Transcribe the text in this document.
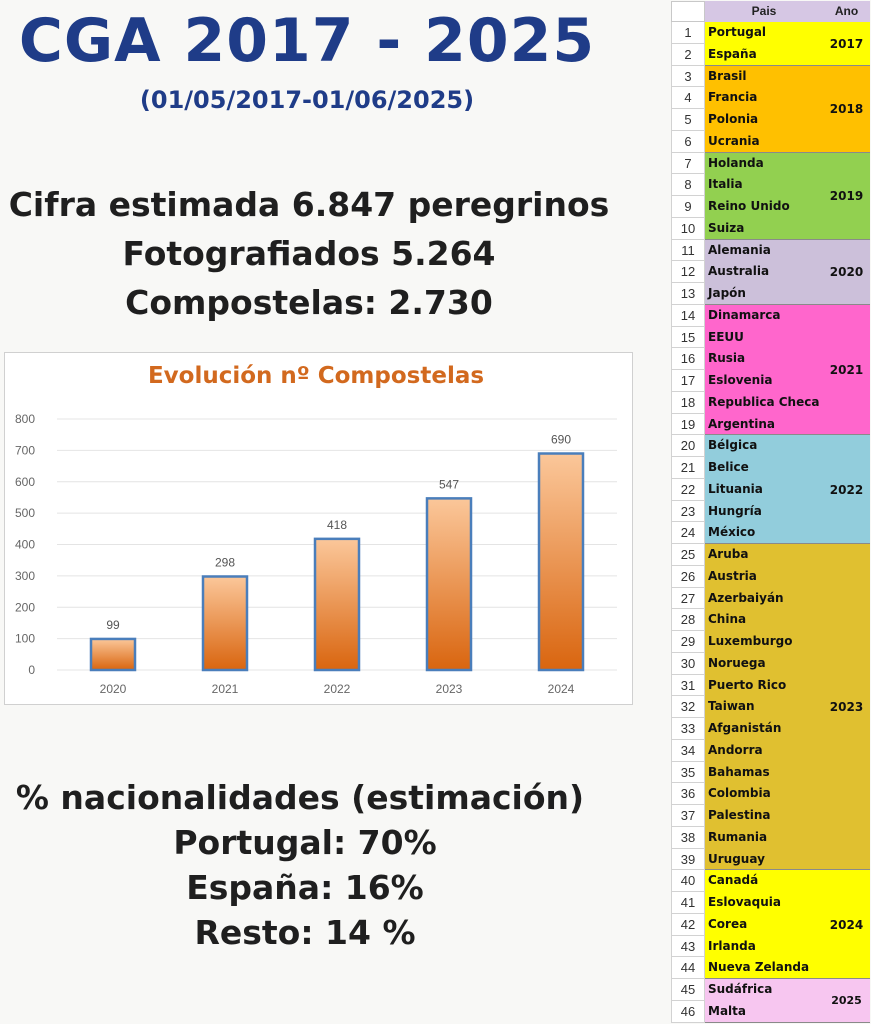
CGA 2017 - 2025
(01/05/2017-01/06/2025)
Cifra estimada 6.847 peregrinos
Fotografiados 5.264
Compostelas: 2.730
Evolución nº Compostelas
0
100
200
300
400
500
600
700
800
99
2020
298
2021
418
2022
547
2023
690
2024
% nacionalidades (estimación)
Portugal: 70%
España: 16%
Resto: 14 %
Pais	Ano
1	Portugal
2	España
2017
3	Brasil
4	Francia
5	Polonia
6	Ucrania
2018
7	Holanda
8	Italia
9	Reino Unido
10	Suiza
2019
11	Alemania
12	Australia
13	Japón
2020
14	Dinamarca
15	EEUU
16	Rusia
17	Eslovenia
18	Republica Checa
19	Argentina
2021
20	Bélgica
21	Belice
22	Lituania
23	Hungría
24	México
2022
25	Aruba
26	Austria
27	Azerbaiyán
28	China
29	Luxemburgo
30	Noruega
31	Puerto Rico
32	Taiwan
33	Afganistán
34	Andorra
35	Bahamas
36	Colombia
37	Palestina
38	Rumania
39	Uruguay
2023
40	Canadá
41	Eslovaquia
42	Corea
43	Irlanda
44	Nueva Zelanda
2024
45	Sudáfrica
46	Malta
2025
